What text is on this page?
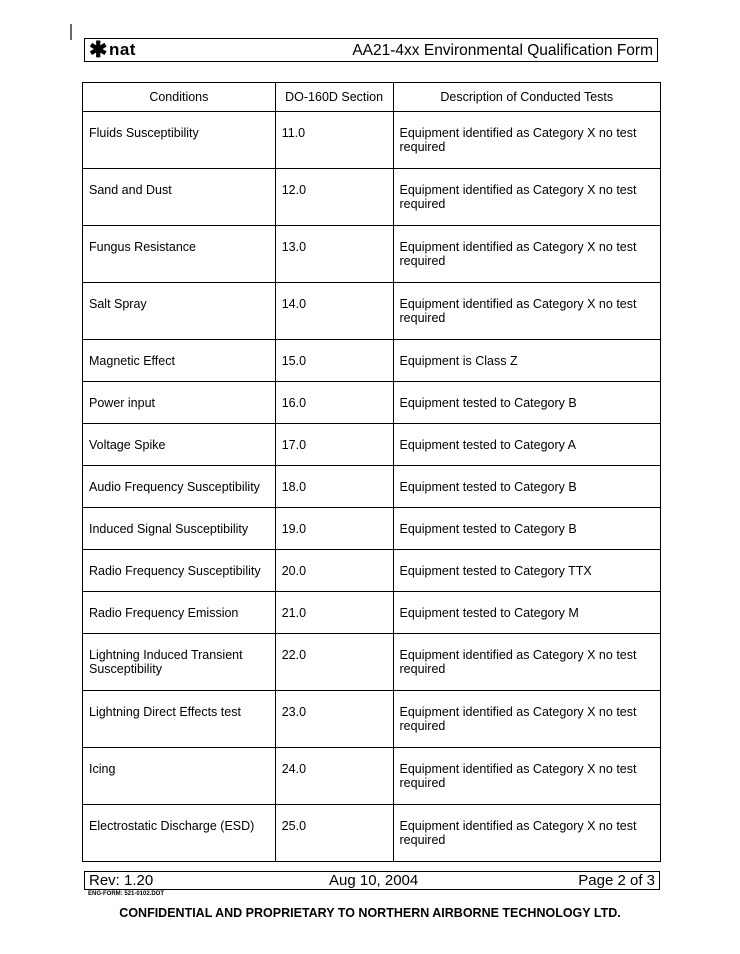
✱ nat	AA21-4xx Environmental Qualification Form
Conditions	DO-160D Section	Description of Conducted Tests
Fluids Susceptibility	11.0	Equipment identified as Category X no test required
Sand and Dust	12.0	Equipment identified as Category X no test required
Fungus Resistance	13.0	Equipment identified as Category X no test required
Salt Spray	14.0	Equipment identified as Category X no test required
Magnetic Effect	15.0	Equipment is Class Z
Power input	16.0	Equipment tested to Category B
Voltage Spike	17.0	Equipment tested to Category A
Audio Frequency Susceptibility	18.0	Equipment tested to Category B
Induced Signal Susceptibility	19.0	Equipment tested to Category B
Radio Frequency Susceptibility	20.0	Equipment tested to Category TTX
Radio Frequency Emission	21.0	Equipment tested to Category M
Lightning Induced Transient Susceptibility	22.0	Equipment identified as Category X no test required
Lightning Direct Effects test	23.0	Equipment identified as Category X no test required
Icing	24.0	Equipment identified as Category X no test required
Electrostatic Discharge (ESD)	25.0	Equipment identified as Category X no test required
Rev: 1.20	Aug 10, 2004	Page 2 of 3
ENG-FORM: 521-0102.DOT
CONFIDENTIAL AND PROPRIETARY TO NORTHERN AIRBORNE TECHNOLOGY LTD.
